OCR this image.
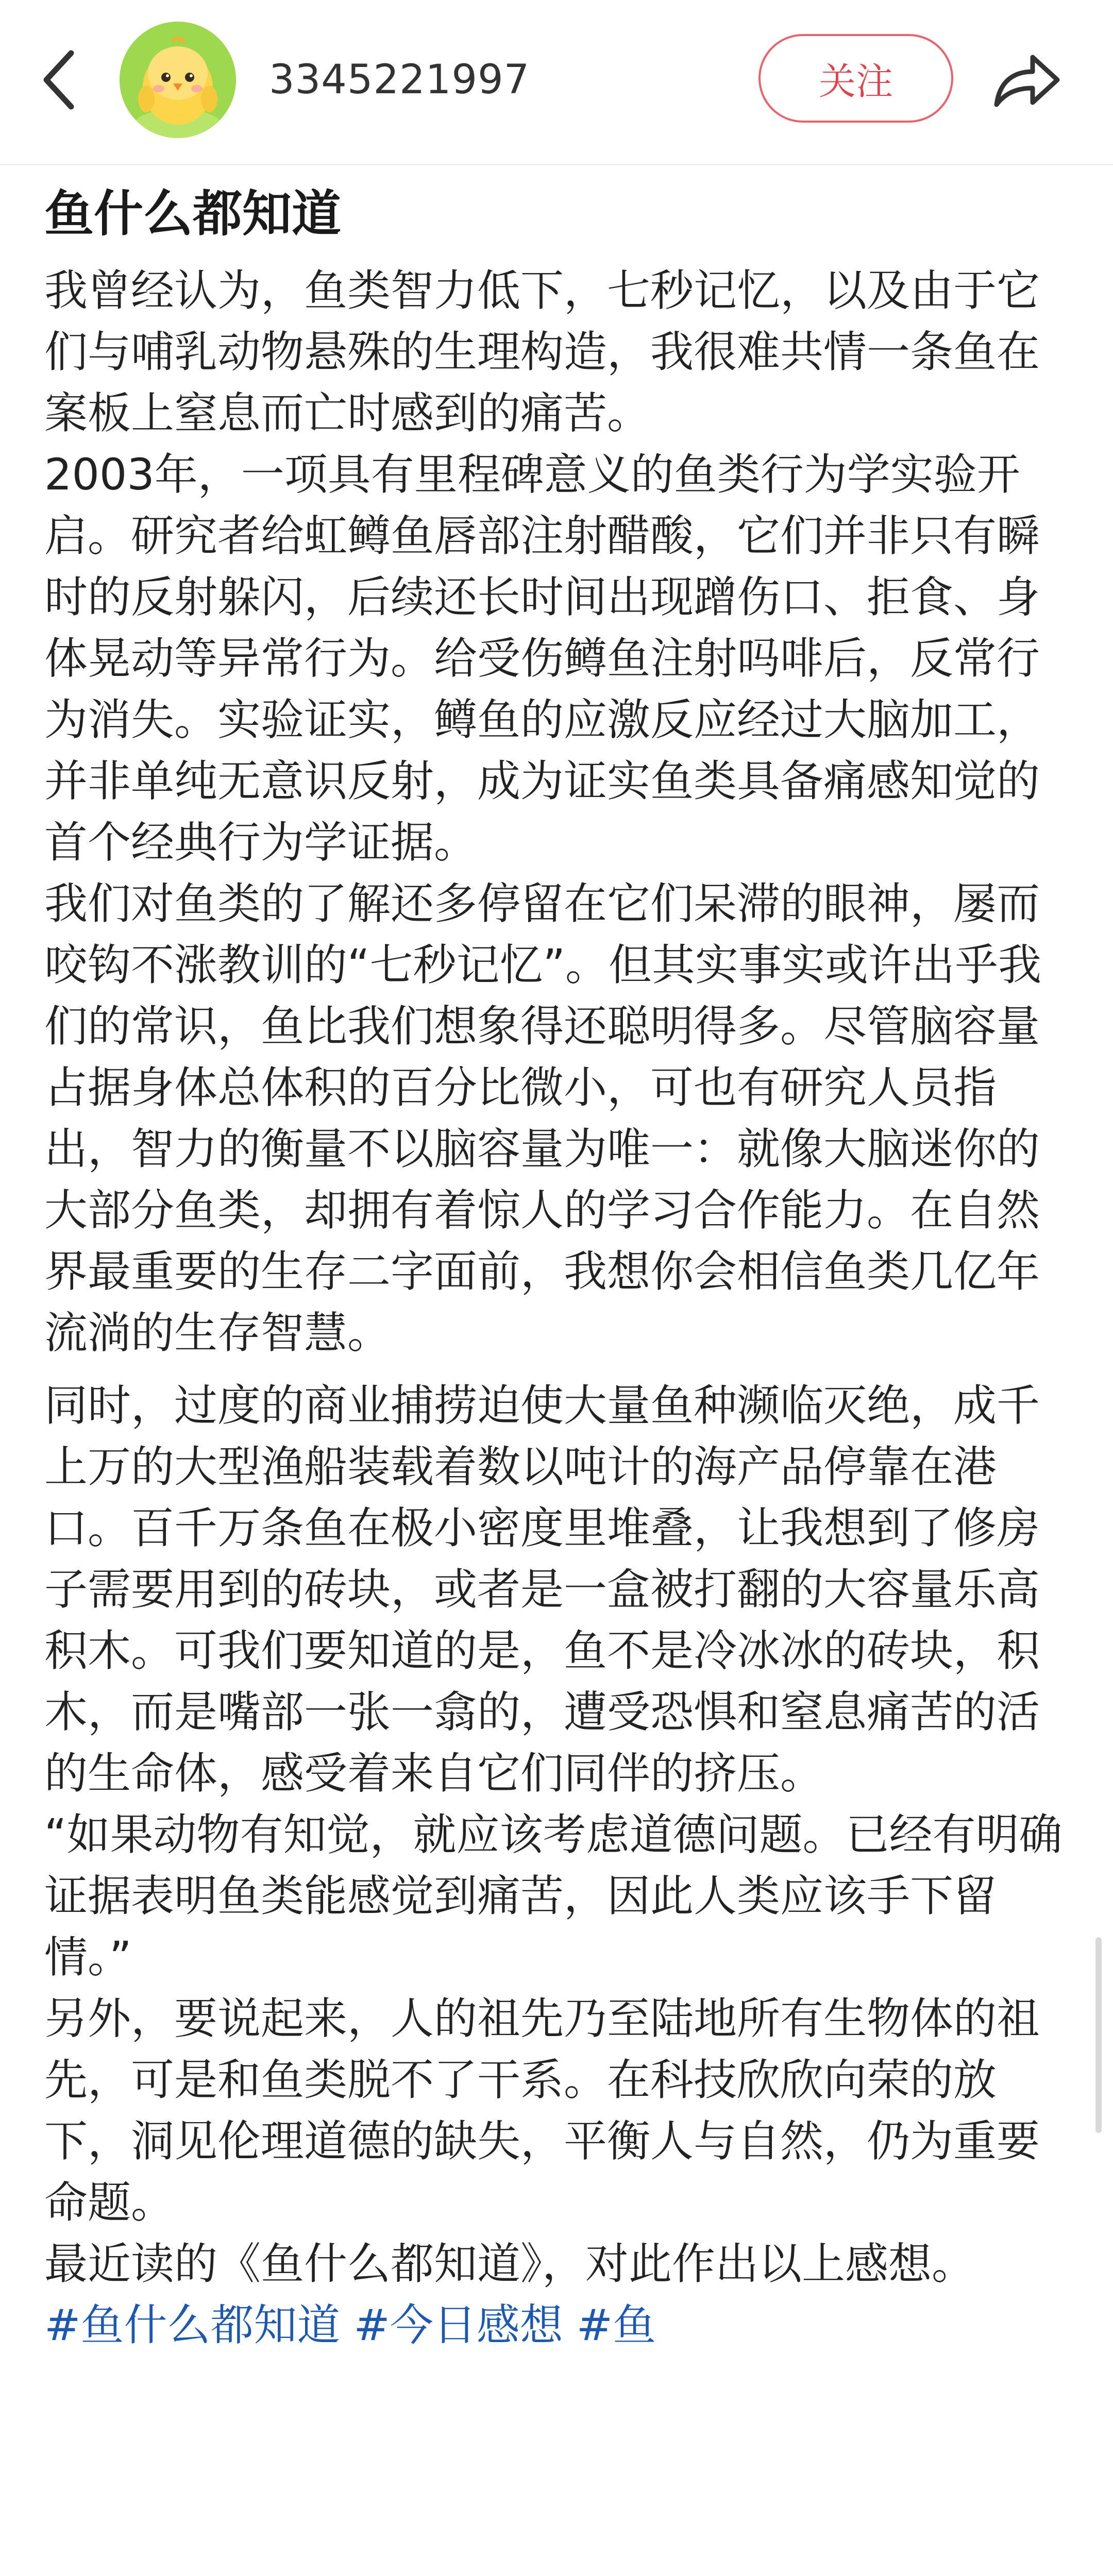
3345221997	关注
鱼什么都知道

我曾经认为，鱼类智力低下，七秒记忆，以及由于它们与哺乳动物悬殊的生理构造，我很难共情一条鱼在案板上窒息而亡时感到的痛苦。

2003年，一项具有里程碑意义的鱼类行为学实验开启。研究者给虹鳟鱼唇部注射醋酸，它们并非只有瞬时的反射躲闪，后续还长时间出现蹭伤口、拒食、身体晃动等异常行为。给受伤鳟鱼注射吗啡后，反常行为消失。实验证实，鳟鱼的应激反应经过大脑加工，并非单纯无意识反射，成为证实鱼类具备痛感知觉的首个经典行为学证据。

我们对鱼类的了解还多停留在它们呆滞的眼神，屡而咬钩不涨教训的“七秒记忆”。但其实事实或许出乎我们的常识，鱼比我们想象得还聪明得多。尽管脑容量占据身体总体积的百分比微小，可也有研究人员指出，智力的衡量不以脑容量为唯一：就像大脑迷你的大部分鱼类，却拥有着惊人的学习合作能力。在自然界最重要的生存二字面前，我想你会相信鱼类几亿年流淌的生存智慧。

同时，过度的商业捕捞迫使大量鱼种濒临灭绝，成千上万的大型渔船装载着数以吨计的海产品停靠在港口。百千万条鱼在极小密度里堆叠，让我想到了修房子需要用到的砖块，或者是一盒被打翻的大容量乐高积木。可我们要知道的是，鱼不是冷冰冰的砖块，积木，而是嘴部一张一翕的，遭受恐惧和窒息痛苦的活的生命体，感受着来自它们同伴的挤压。

“如果动物有知觉，就应该考虑道德问题。已经有明确证据表明鱼类能感觉到痛苦，因此人类应该手下留情。”

另外，要说起来，人的祖先乃至陆地所有生物体的祖先，可是和鱼类脱不了干系。在科技欣欣向荣的放下，洞见伦理道德的缺失，平衡人与自然，仍为重要命题。

最近读的《鱼什么都知道》，对此作出以上感想。

#鱼什么都知道 #今日感想 #鱼
